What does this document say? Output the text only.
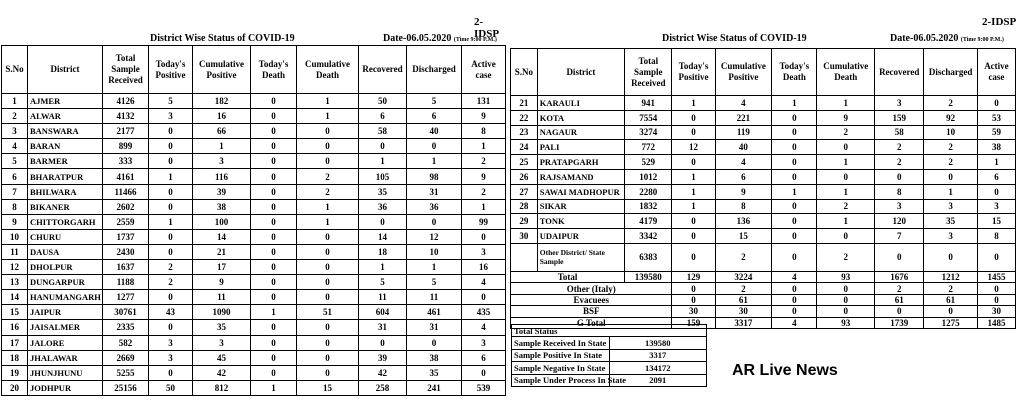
2-IDSP
District Wise Status of COVID-19	Date-06.05.2020 (Time 9:00 P.M.)
S.No	District	Total Sample Received	Today's Positive	Cumulative Positive	Today's Death	Cumulative Death	Recovered	Discharged	Active case
1	AJMER	4126	5	182	0	1	50	5	131
2	ALWAR	4132	3	16	0	1	6	6	9
3	BANSWARA	2177	0	66	0	0	58	40	8
4	BARAN	899	0	1	0	0	0	0	1
5	BARMER	333	0	3	0	0	1	1	2
6	BHARATPUR	4161	1	116	0	2	105	98	9
7	BHILWARA	11466	0	39	0	2	35	31	2
8	BIKANER	2602	0	38	0	1	36	36	1
9	CHITTORGARH	2559	1	100	0	1	0	0	99
10	CHURU	1737	0	14	0	0	14	12	0
11	DAUSA	2430	0	21	0	0	18	10	3
12	DHOLPUR	1637	2	17	0	0	1	1	16
13	DUNGARPUR	1188	2	9	0	0	5	5	4
14	HANUMANGARH	1277	0	11	0	0	11	11	0
15	JAIPUR	30761	43	1090	1	51	604	461	435
16	JAISALMER	2335	0	35	0	0	31	31	4
17	JALORE	582	3	3	0	0	0	0	3
18	JHALAWAR	2669	3	45	0	0	39	38	6
19	JHUNJHUNU	5255	0	42	0	0	42	35	0
20	JODHPUR	25156	50	812	1	15	258	241	539
2-IDSP
District Wise Status of COVID-19	Date-06.05.2020 (Time 9:00 P.M.)
S.No	District	Total Sample Received	Today's Positive	Cumulative Positive	Today's Death	Cumulative Death	Recovered	Discharged	Active case
21	KARAULI	941	1	4	1	1	3	2	0
22	KOTA	7554	0	221	0	9	159	92	53
23	NAGAUR	3274	0	119	0	2	58	10	59
24	PALI	772	12	40	0	0	2	2	38
25	PRATAPGARH	529	0	4	0	1	2	2	1
26	RAJSAMAND	1012	1	6	0	0	0	0	6
27	SAWAI MADHOPUR	2280	1	9	1	1	8	1	0
28	SIKAR	1832	1	8	0	2	3	3	3
29	TONK	4179	0	136	0	1	120	35	15
30	UDAIPUR	3342	0	15	0	0	7	3	8
	Other District/ State Sample	6383	0	2	0	2	0	0	0
Total		139580	129	3224	4	93	1676	1212	1455
Other (Italy)			0	2	0	0	2	2	0
Evacuees			0	61	0	0	61	61	0
BSF			30	30	0	0	0	0	30
G Total			159	3317	4	93	1739	1275	1485
Total Status	
Sample Received In State	139580
Sample Positive In State	3317
Sample Negative In State	134172
Sample Under Process In State	2091
AR Live News
